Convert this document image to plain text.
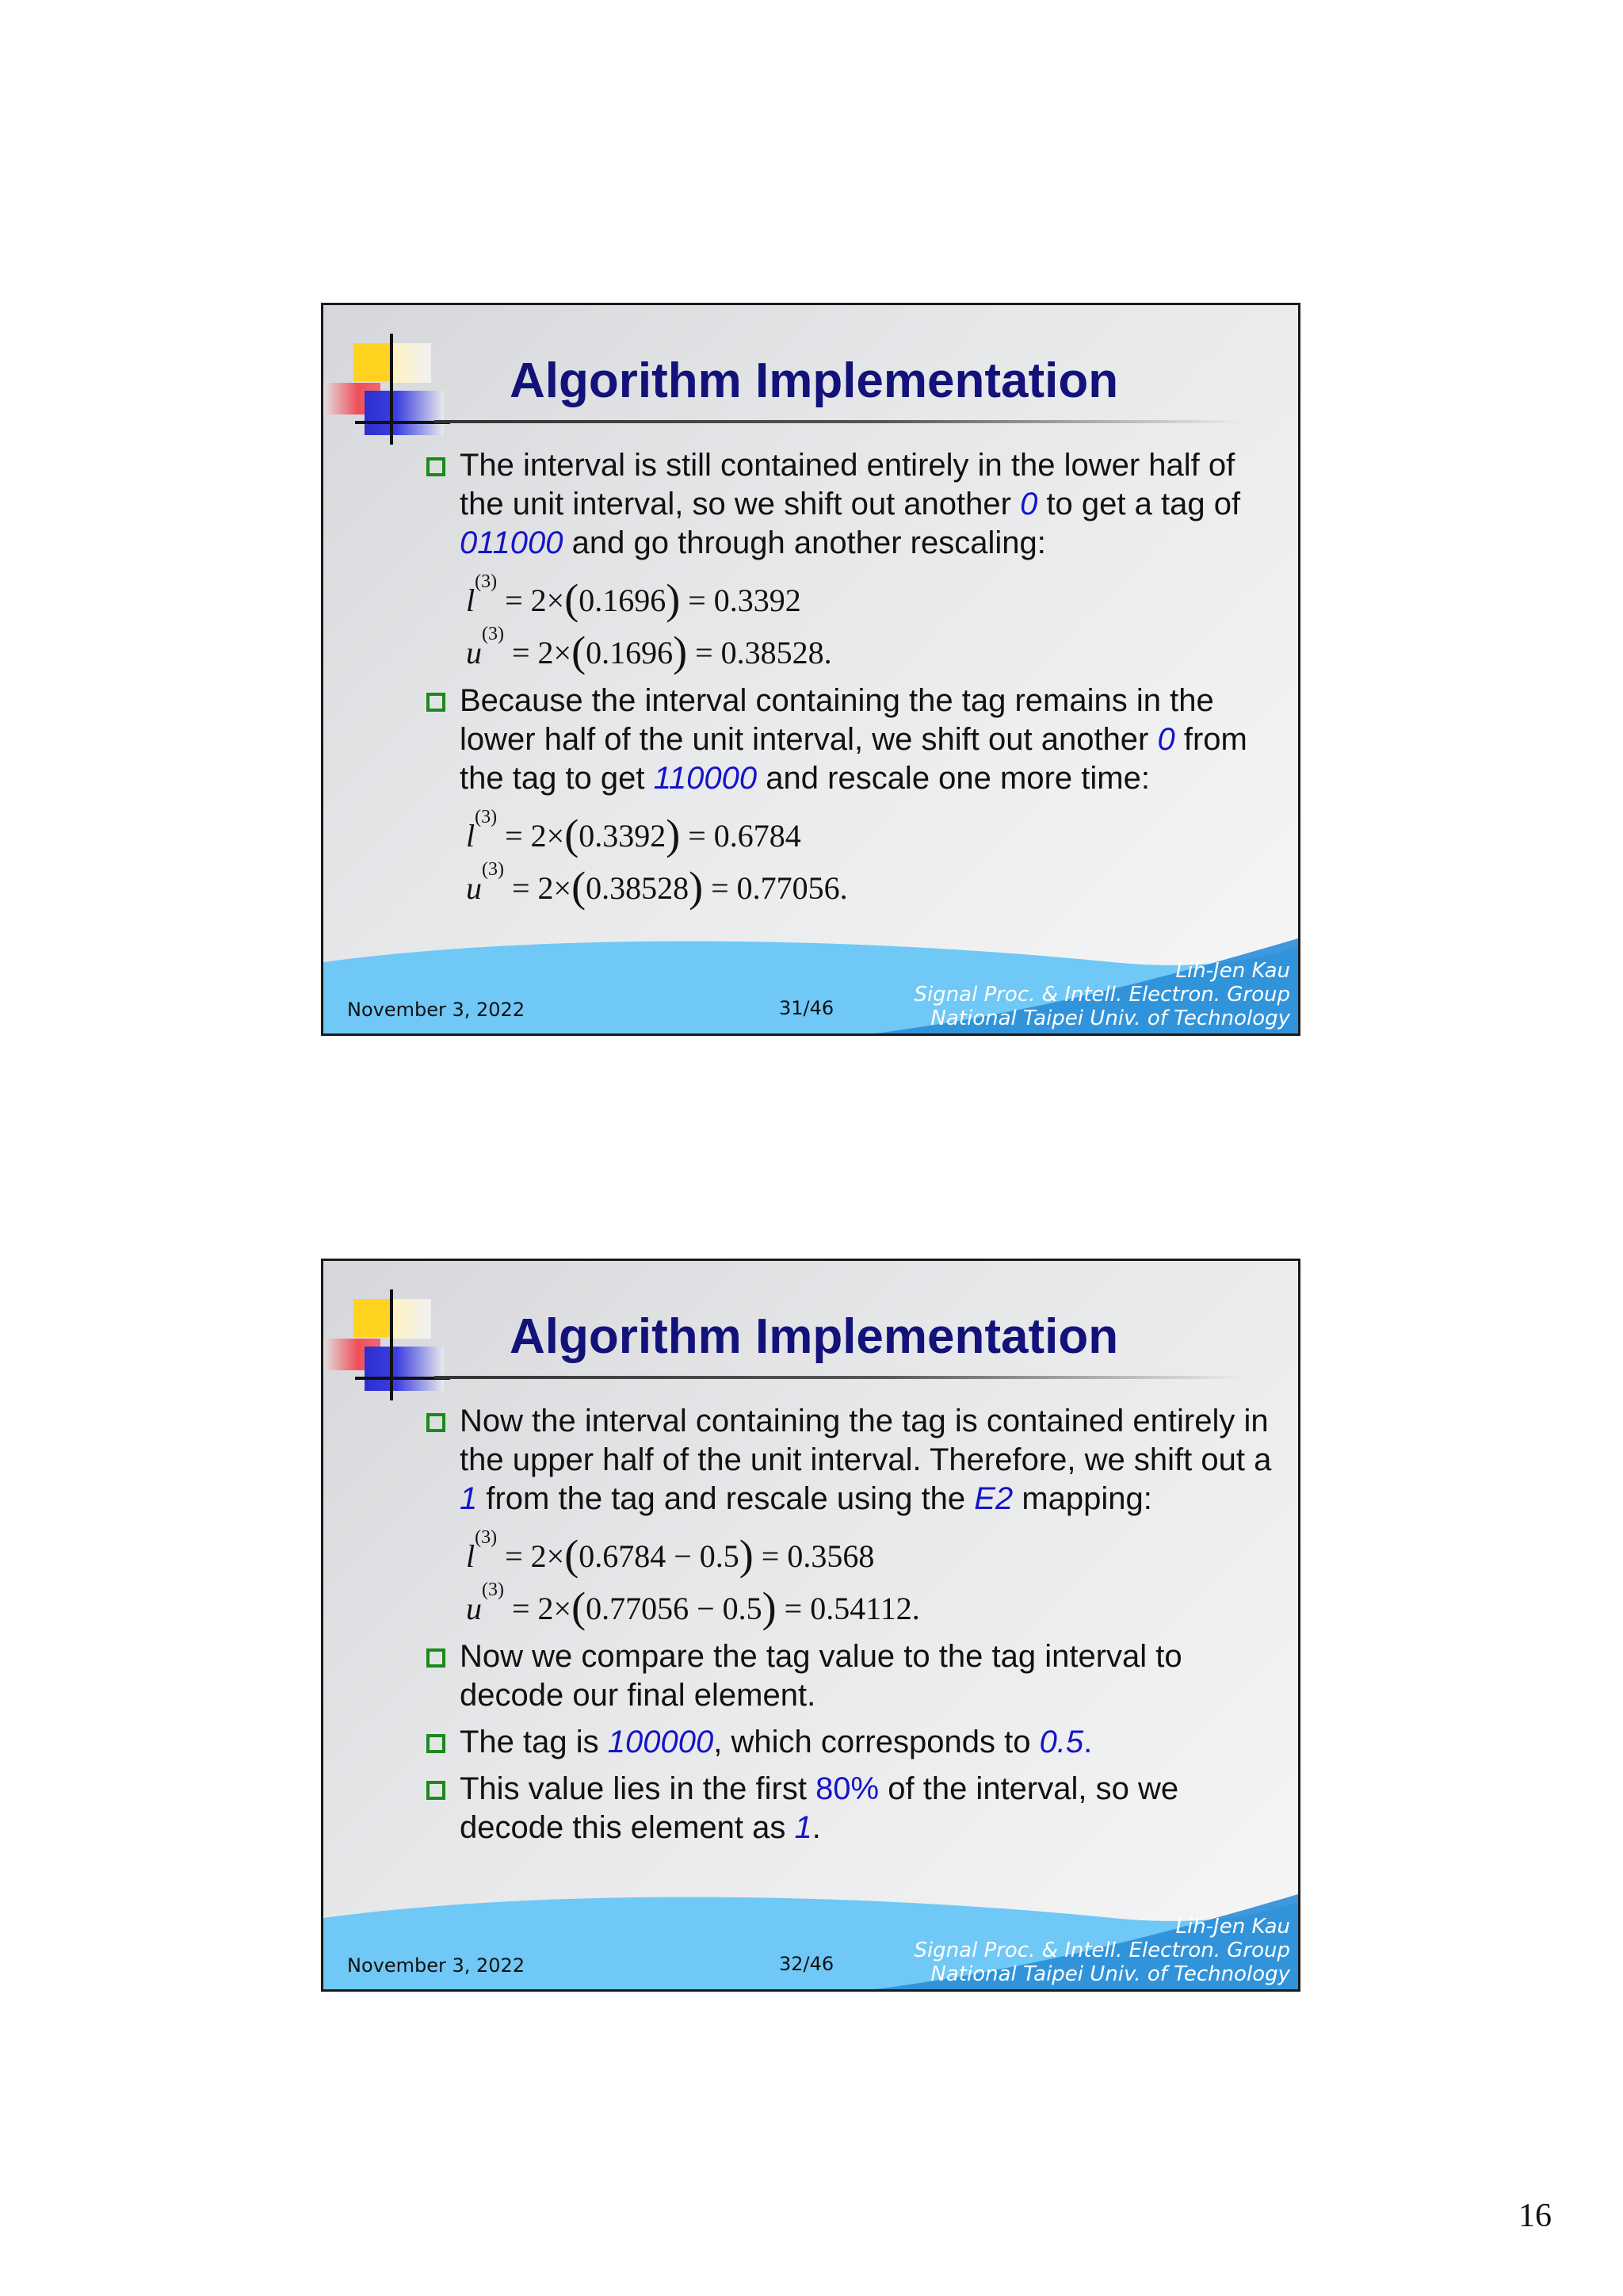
Algorithm Implementation
The interval is still contained entirely in the lower half of the unit interval, so we shift out another 0 to get a tag of 011000 and go through another rescaling:
$l^{(3)} = 2\times(0.1696) = 0.3392$
$u^{(3)} = 2\times(0.1696) = 0.38528$.
Because the interval containing the tag remains in the lower half of the unit interval, we shift out another 0 from the tag to get 110000 and rescale one more time:
$l^{(3)} = 2\times(0.3392) = 0.6784$
$u^{(3)} = 2\times(0.38528) = 0.77056$.
November 3, 2022	31/46
Lih-Jen Kau
Signal Proc. & Intell. Electron. Group
National Taipei Univ. of Technology
Algorithm Implementation
Now the interval containing the tag is contained entirely in the upper half of the unit interval. Therefore, we shift out a 1 from the tag and rescale using the E2 mapping:
$l^{(3)} = 2\times(0.6784 - 0.5) = 0.3568$
$u^{(3)} = 2\times(0.77056 - 0.5) = 0.54112$.
Now we compare the tag value to the tag interval to decode our final element.
The tag is 100000, which corresponds to 0.5.
This value lies in the first 80% of the interval, so we decode this element as 1.
November 3, 2022	32/46
Lih-Jen Kau
Signal Proc. & Intell. Electron. Group
National Taipei Univ. of Technology
16
